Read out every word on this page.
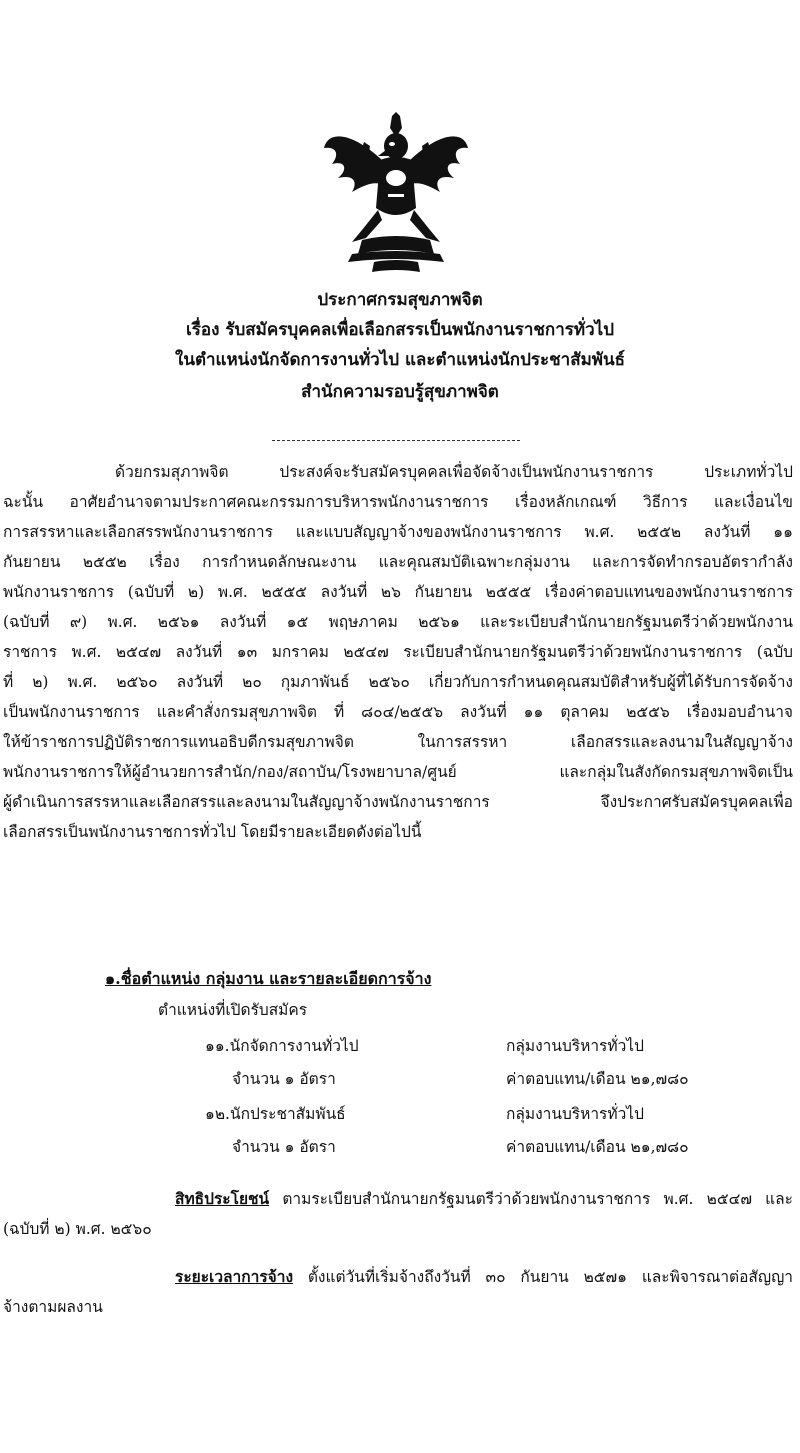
ประกาศกรมสุขภาพจิต
เรื่อง รับสมัครบุคคลเพื่อเลือกสรรเป็นพนักงานราชการทั่วไป
ในตำแหน่งนักจัดการงานทั่วไป และตำแหน่งนักประชาสัมพันธ์
สำนักความรอบรู้สุขภาพจิต
ด้วยกรมสุภาพจิต ประสงค์จะรับสมัครบุคคลเพื่อจัดจ้างเป็นพนักงานราชการ ประเภททั่วไป
ฉะนั้น อาศัยอำนาจตามประกาศคณะกรรมการบริหารพนักงานราชการ เรื่องหลักเกณฑ์ วิธีการ และเงื่อนไข
การสรรหาและเลือกสรรพนักงานราชการ และแบบสัญญาจ้างของพนักงานราชการ พ.ศ. ๒๕๕๒ ลงวันที่ ๑๑
กันยายน ๒๕๕๒ เรื่อง การกำหนดลักษณะงาน และคุณสมบัติเฉพาะกลุ่มงาน และการจัดทำกรอบอัตรากำลัง
พนักงานราชการ (ฉบับที่ ๒) พ.ศ. ๒๕๕๕ ลงวันที่ ๒๖ กันยายน ๒๕๕๕ เรื่องค่าตอบแทนของพนักงานราชการ
(ฉบับที่ ๙) พ.ศ. ๒๕๖๑ ลงวันที่ ๑๕ พฤษภาคม ๒๕๖๑ และระเบียบสำนักนายกรัฐมนตรีว่าด้วยพนักงาน
ราชการ พ.ศ. ๒๕๔๗ ลงวันที่ ๑๓ มกราคม ๒๕๔๗ ระเบียบสำนักนายกรัฐมนตรีว่าด้วยพนักงานราชการ (ฉบับ
ที่ ๒) พ.ศ. ๒๕๖๐ ลงวันที่ ๒๐ กุมภาพันธ์ ๒๕๖๐ เกี่ยวกับการกำหนดคุณสมบัติสำหรับผู้ที่ได้รับการจัดจ้าง
เป็นพนักงานราชการ และคำสั่งกรมสุขภาพจิต ที่ ๘๐๔/๒๕๕๖ ลงวันที่ ๑๑ ตุลาคม ๒๕๕๖ เรื่องมอบอำนาจ
ให้ข้าราชการปฏิบัติราชการแทนอธิบดีกรมสุขภาพจิต ในการสรรหา เลือกสรรและลงนามในสัญญาจ้าง
พนักงานราชการให้ผู้อำนวยการสำนัก/กอง/สถาบัน/โรงพยาบาล/ศูนย์ และกลุ่มในสังกัดกรมสุขภาพจิตเป็น
ผู้ดำเนินการสรรหาและเลือกสรรและลงนามในสัญญาจ้างพนักงานราชการ จึงประกาศรับสมัครบุคคลเพื่อ
เลือกสรรเป็นพนักงานราชการทั่วไป โดยมีรายละเอียดดังต่อไปนี้
๑.ชื่อตำแหน่ง กลุ่มงาน และรายละเอียดการจ้าง
ตำแหน่งที่เปิดรับสมัคร
๑๑.นักจัดการงานทั่วไป	กลุ่มงานบริหารทั่วไป
จำนวน ๑ อัตรา	ค่าตอบแทน/เดือน ๒๑,๗๘๐
๑๒.นักประชาสัมพันธ์	กลุ่มงานบริหารทั่วไป
จำนวน ๑ อัตรา	ค่าตอบแทน/เดือน ๒๑,๗๘๐
สิทธิประโยชน์ ตามระเบียบสำนักนายกรัฐมนตรีว่าด้วยพนักงานราชการ พ.ศ. ๒๕๔๗ และ
(ฉบับที่ ๒) พ.ศ. ๒๕๖๐
ระยะเวลาการจ้าง ตั้งแต่วันที่เริ่มจ้างถึงวันที่ ๓๐ กันยาน ๒๕๗๑ และพิจารณาต่อสัญญา
จ้างตามผลงาน
